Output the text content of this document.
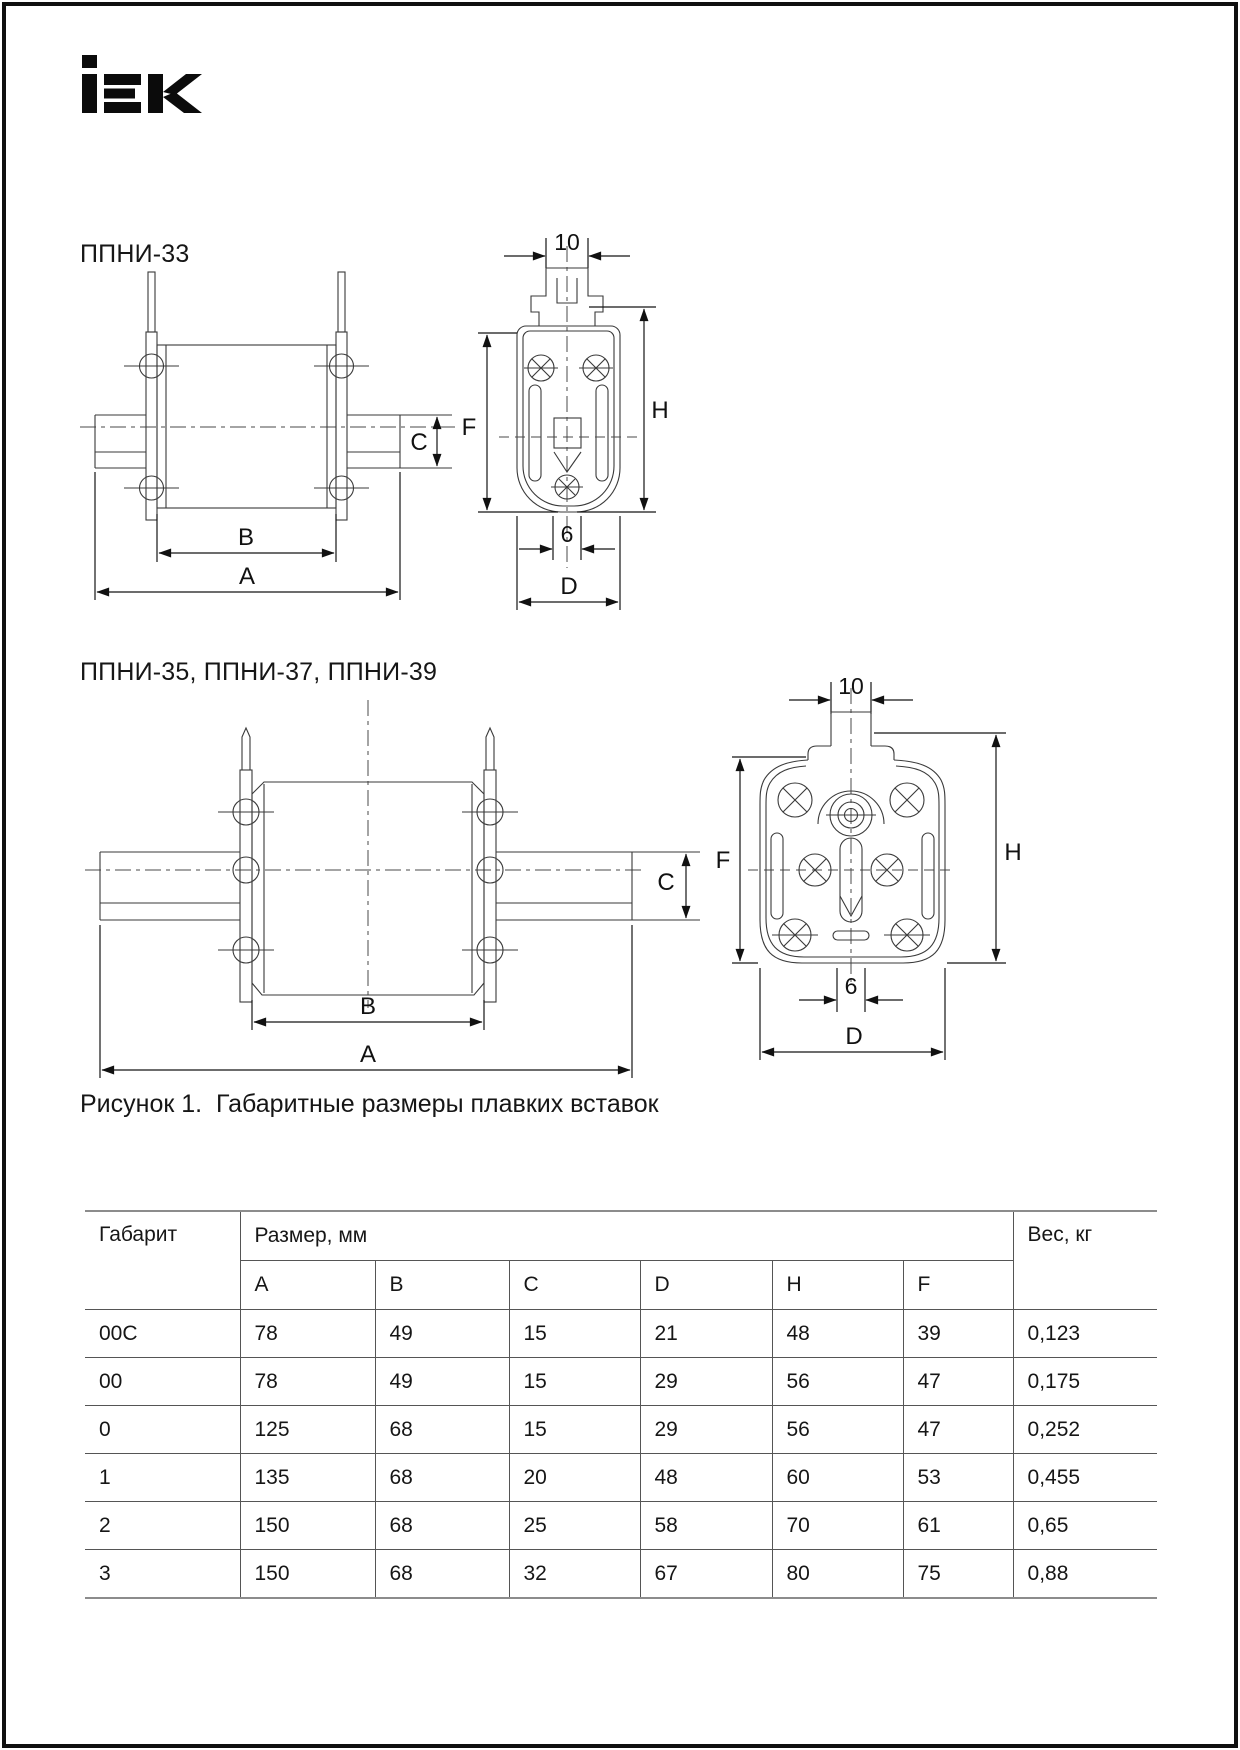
ППНИ-33
C
B
A
10
F
H
6
D
ППНИ-35, ППНИ-37, ППНИ-39
C
B
A
10
F	H
6
D
Рисунок 1.  Габаритные размеры плавких вставок
Габарит	Размер, мм						Вес, кг
	A	B	C	D	H	F	
00C	78	49	15	21	48	39	0,123
00	78	49	15	29	56	47	0,175
0	125	68	15	29	56	47	0,252
1	135	68	20	48	60	53	0,455
2	150	68	25	58	70	61	0,65
3	150	68	32	67	80	75	0,88
